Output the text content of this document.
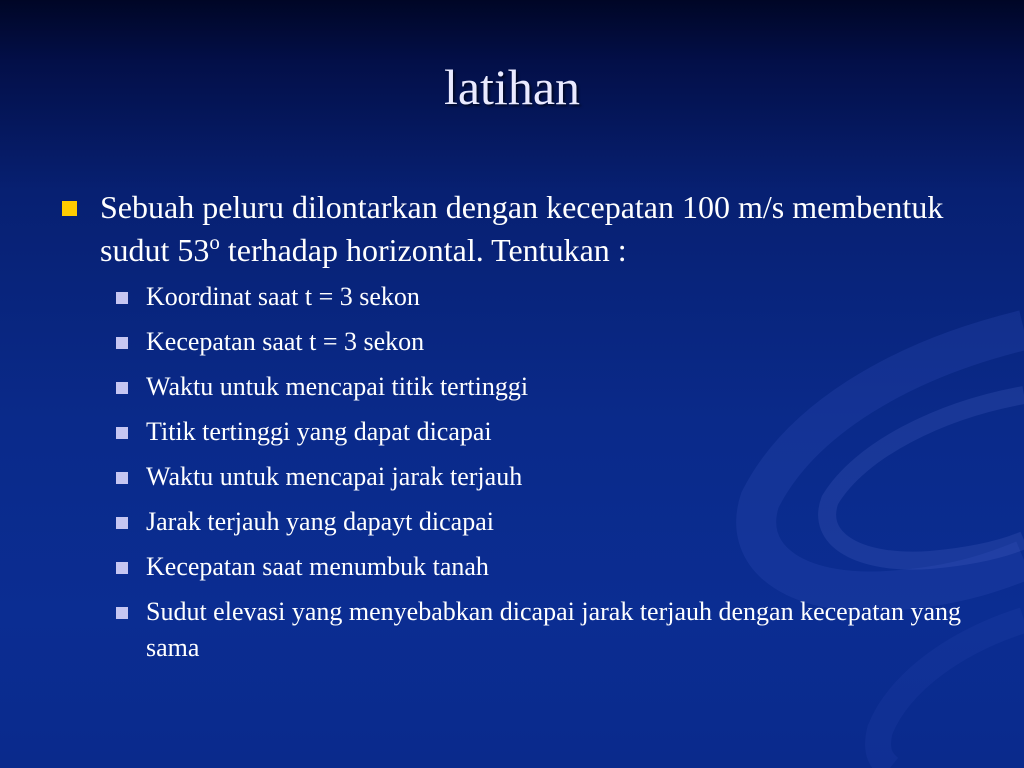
latihan
Sebuah peluru dilontarkan dengan kecepatan 100 m/s membentuk sudut 53$^o$ terhadap horizontal. Tentukan :
Koordinat saat t = 3 sekon
Kecepatan saat t = 3 sekon
Waktu untuk mencapai titik tertinggi
Titik tertinggi yang dapat dicapai
Waktu untuk mencapai jarak terjauh
Jarak terjauh yang dapayt dicapai
Kecepatan saat menumbuk tanah
Sudut elevasi yang menyebabkan dicapai jarak terjauh dengan kecepatan yang sama
